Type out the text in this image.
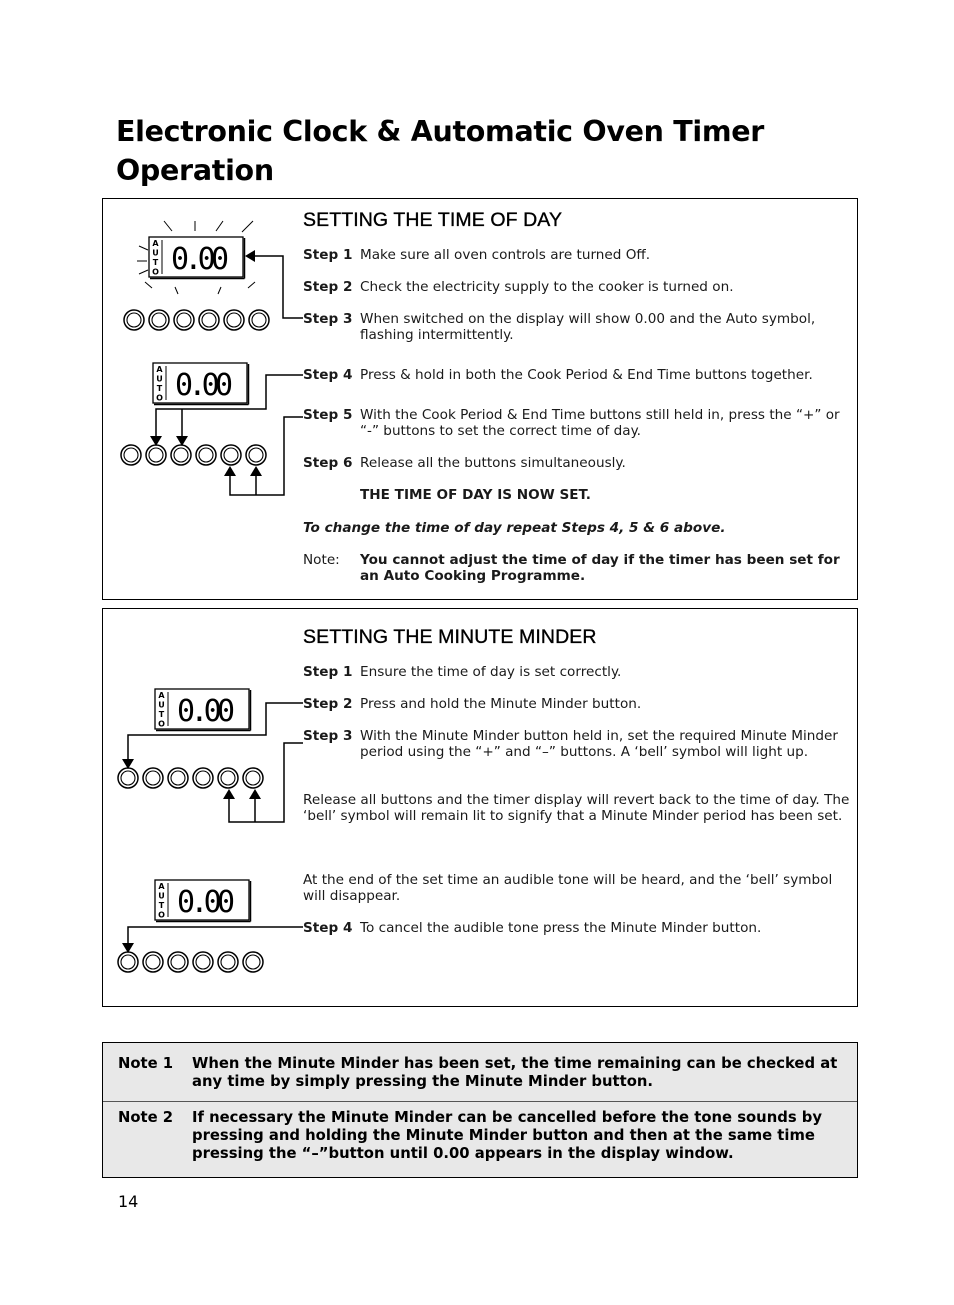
Electronic Clock & Automatic Oven Timer Operation
SETTING THE TIME OF DAY
Step 1 Make sure all oven controls are turned Off.
Step 2 Check the electricity supply to the cooker is turned on.
Step 3 When switched on the display will show 0.00 and the Auto symbol, flashing intermittently.
Step 4 Press & hold in both the Cook Period & End Time buttons together.
Step 5 With the Cook Period & End Time buttons still held in, press the “+” or “-” buttons to set the correct time of day.
Step 6 Release all the buttons simultaneously.
THE TIME OF DAY IS NOW SET.
To change the time of day repeat Steps 4, 5 & 6 above.
Note: You cannot adjust the time of day if the timer has been set for an Auto Cooking Programme.
SETTING THE MINUTE MINDER
Step 1 Ensure the time of day is set correctly.
Step 2 Press and hold the Minute Minder button.
Step 3 With the Minute Minder button held in, set the required Minute Minder period using the “+” and “–” buttons. A ‘bell’ symbol will light up.
Release all buttons and the timer display will revert back to the time of day. The ‘bell’ symbol will remain lit to signify that a Minute Minder period has been set.
At the end of the set time an audible tone will be heard, and the ‘bell’ symbol will disappear.
Step 4 To cancel the audible tone press the Minute Minder button.
A
U
T
O 0.00
A
U
T
O 0.00
A
U
T
O 0.00
A
U
T
O 0.00
Note 1 When the Minute Minder has been set, the time remaining can be checked at any time by simply pressing the Minute Minder button.
Note 2 If necessary the Minute Minder can be cancelled before the tone sounds by pressing and holding the Minute Minder button and then at the same time pressing the “–”button until 0.00 appears in the display window.
14
